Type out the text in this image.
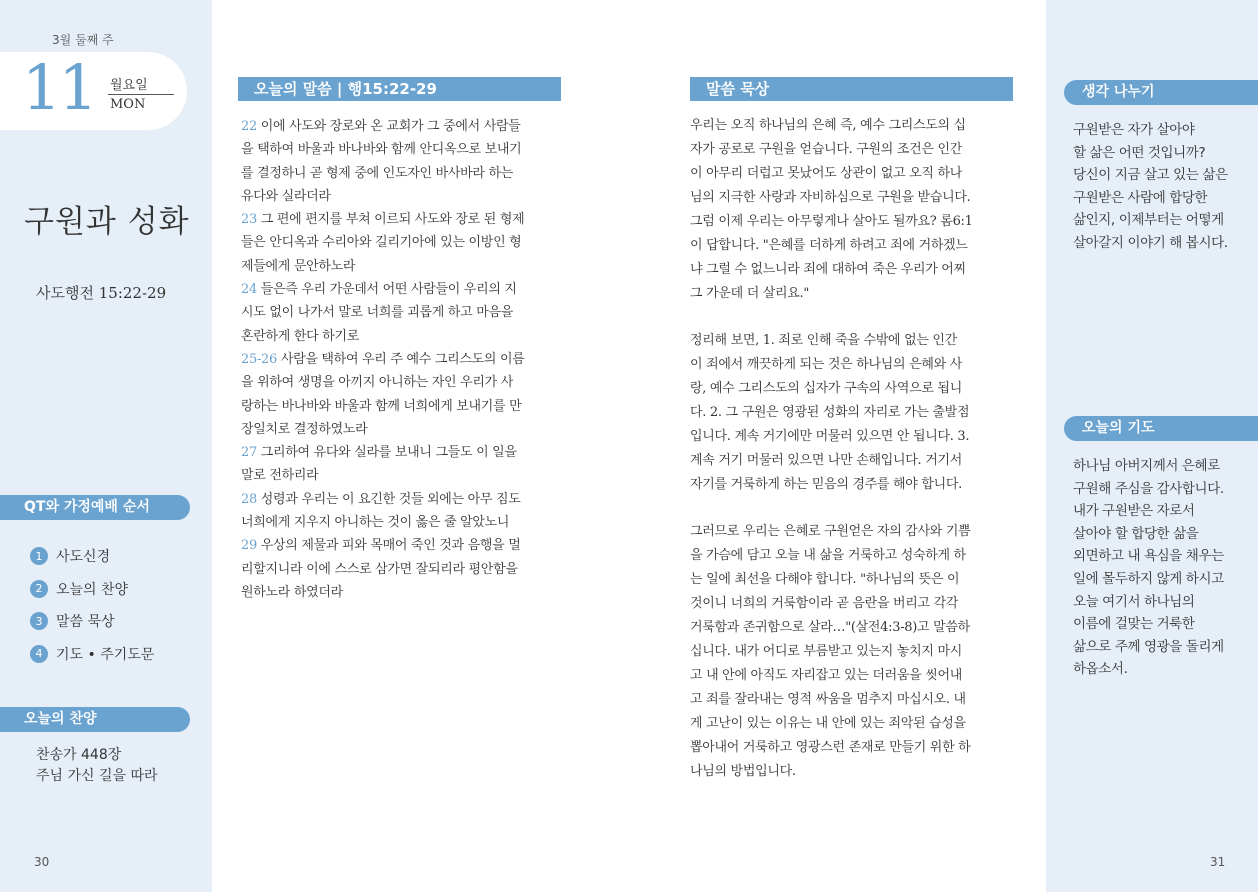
3월 둘째 주
11 월요일
MON
구원과 성화
사도행전 15:22-29
QT와 가정예배 순서
1 사도신경
2 오늘의 찬양
3 말씀 묵상
4 기도 • 주기도문
오늘의 찬양
찬송가 448장
주님 가신 길을 따라
30
오늘의 말씀 | 행15:22-29
22 이에 사도와 장로와 온 교회가 그 중에서 사람들
을 택하여 바울과 바나바와 함께 안디옥으로 보내기
를 결정하니 곧 형제 중에 인도자인 바사바라 하는
유다와 실라더라
23 그 편에 편지를 부쳐 이르되 사도와 장로 된 형제
들은 안디옥과 수리아와 길리기아에 있는 이방인 형
제들에게 문안하노라
24 들은즉 우리 가운데서 어떤 사람들이 우리의 지
시도 없이 나가서 말로 너희를 괴롭게 하고 마음을
혼란하게 한다 하기로
25-26 사람을 택하여 우리 주 예수 그리스도의 이름
을 위하여 생명을 아끼지 아니하는 자인 우리가 사
랑하는 바나바와 바울과 함께 너희에게 보내기를 만
장일치로 결정하였노라
27 그리하여 유다와 실라를 보내니 그들도 이 일을
말로 전하리라
28 성령과 우리는 이 요긴한 것들 외에는 아무 짐도
너희에게 지우지 아니하는 것이 옳은 줄 알았노니
29 우상의 제물과 피와 목매어 죽인 것과 음행을 멀
리할지니라 이에 스스로 삼가면 잘되리라 평안함을
원하노라 하였더라
말씀 묵상
우리는 오직 하나님의 은혜 즉, 예수 그리스도의 십
자가 공로로 구원을 얻습니다. 구원의 조건은 인간
이 아무리 더럽고 못났어도 상관이 없고 오직 하나
님의 지극한 사랑과 자비하심으로 구원을 받습니다.
그럼 이제 우리는 아무렇게나 살아도 될까요? 롬6:1
이 답합니다. "은혜를 더하게 하려고 죄에 거하겠느
냐 그럴 수 없느니라 죄에 대하여 죽은 우리가 어찌
그 가운데 더 살리요."
정리해 보면, 1. 죄로 인해 죽을 수밖에 없는 인간
이 죄에서 깨끗하게 되는 것은 하나님의 은혜와 사
랑, 예수 그리스도의 십자가 구속의 사역으로 됩니
다. 2. 그 구원은 영광된 성화의 자리로 가는 출발점
입니다. 계속 거기에만 머물러 있으면 안 됩니다. 3.
계속 거기 머물러 있으면 나만 손해입니다. 거기서
자기를 거룩하게 하는 믿음의 경주를 해야 합니다.
그러므로 우리는 은혜로 구원얻은 자의 감사와 기쁨
을 가슴에 담고 오늘 내 삶을 거룩하고 성숙하게 하
는 일에 최선을 다해야 합니다. "하나님의 뜻은 이
것이니 너희의 거룩함이라 곧 음란을 버리고 각각
거룩함과 존귀함으로 살라…"(살전4:3-8)고 말씀하
십니다. 내가 어디로 부름받고 있는지 놓치지 마시
고 내 안에 아직도 자리잡고 있는 더러움을 씻어내
고 죄를 잘라내는 영적 싸움을 멈추지 마십시오. 내
게 고난이 있는 이유는 내 안에 있는 죄악된 습성을
뽑아내어 거룩하고 영광스런 존재로 만들기 위한 하
나님의 방법입니다.
생각 나누기
구원받은 자가 살아야
할 삶은 어떤 것입니까?
당신이 지금 살고 있는 삶은
구원받은 사람에 합당한
삶인지, 이제부터는 어떻게
살아갈지 이야기 해 봅시다.
오늘의 기도
하나님 아버지께서 은혜로
구원해 주심을 감사합니다.
내가 구원받은 자로서
살아야 할 합당한 삶을
외면하고 내 욕심을 채우는
일에 몰두하지 않게 하시고
오늘 여기서 하나님의
이름에 걸맞는 거룩한
삶으로 주께 영광을 돌리게
하옵소서.
31
